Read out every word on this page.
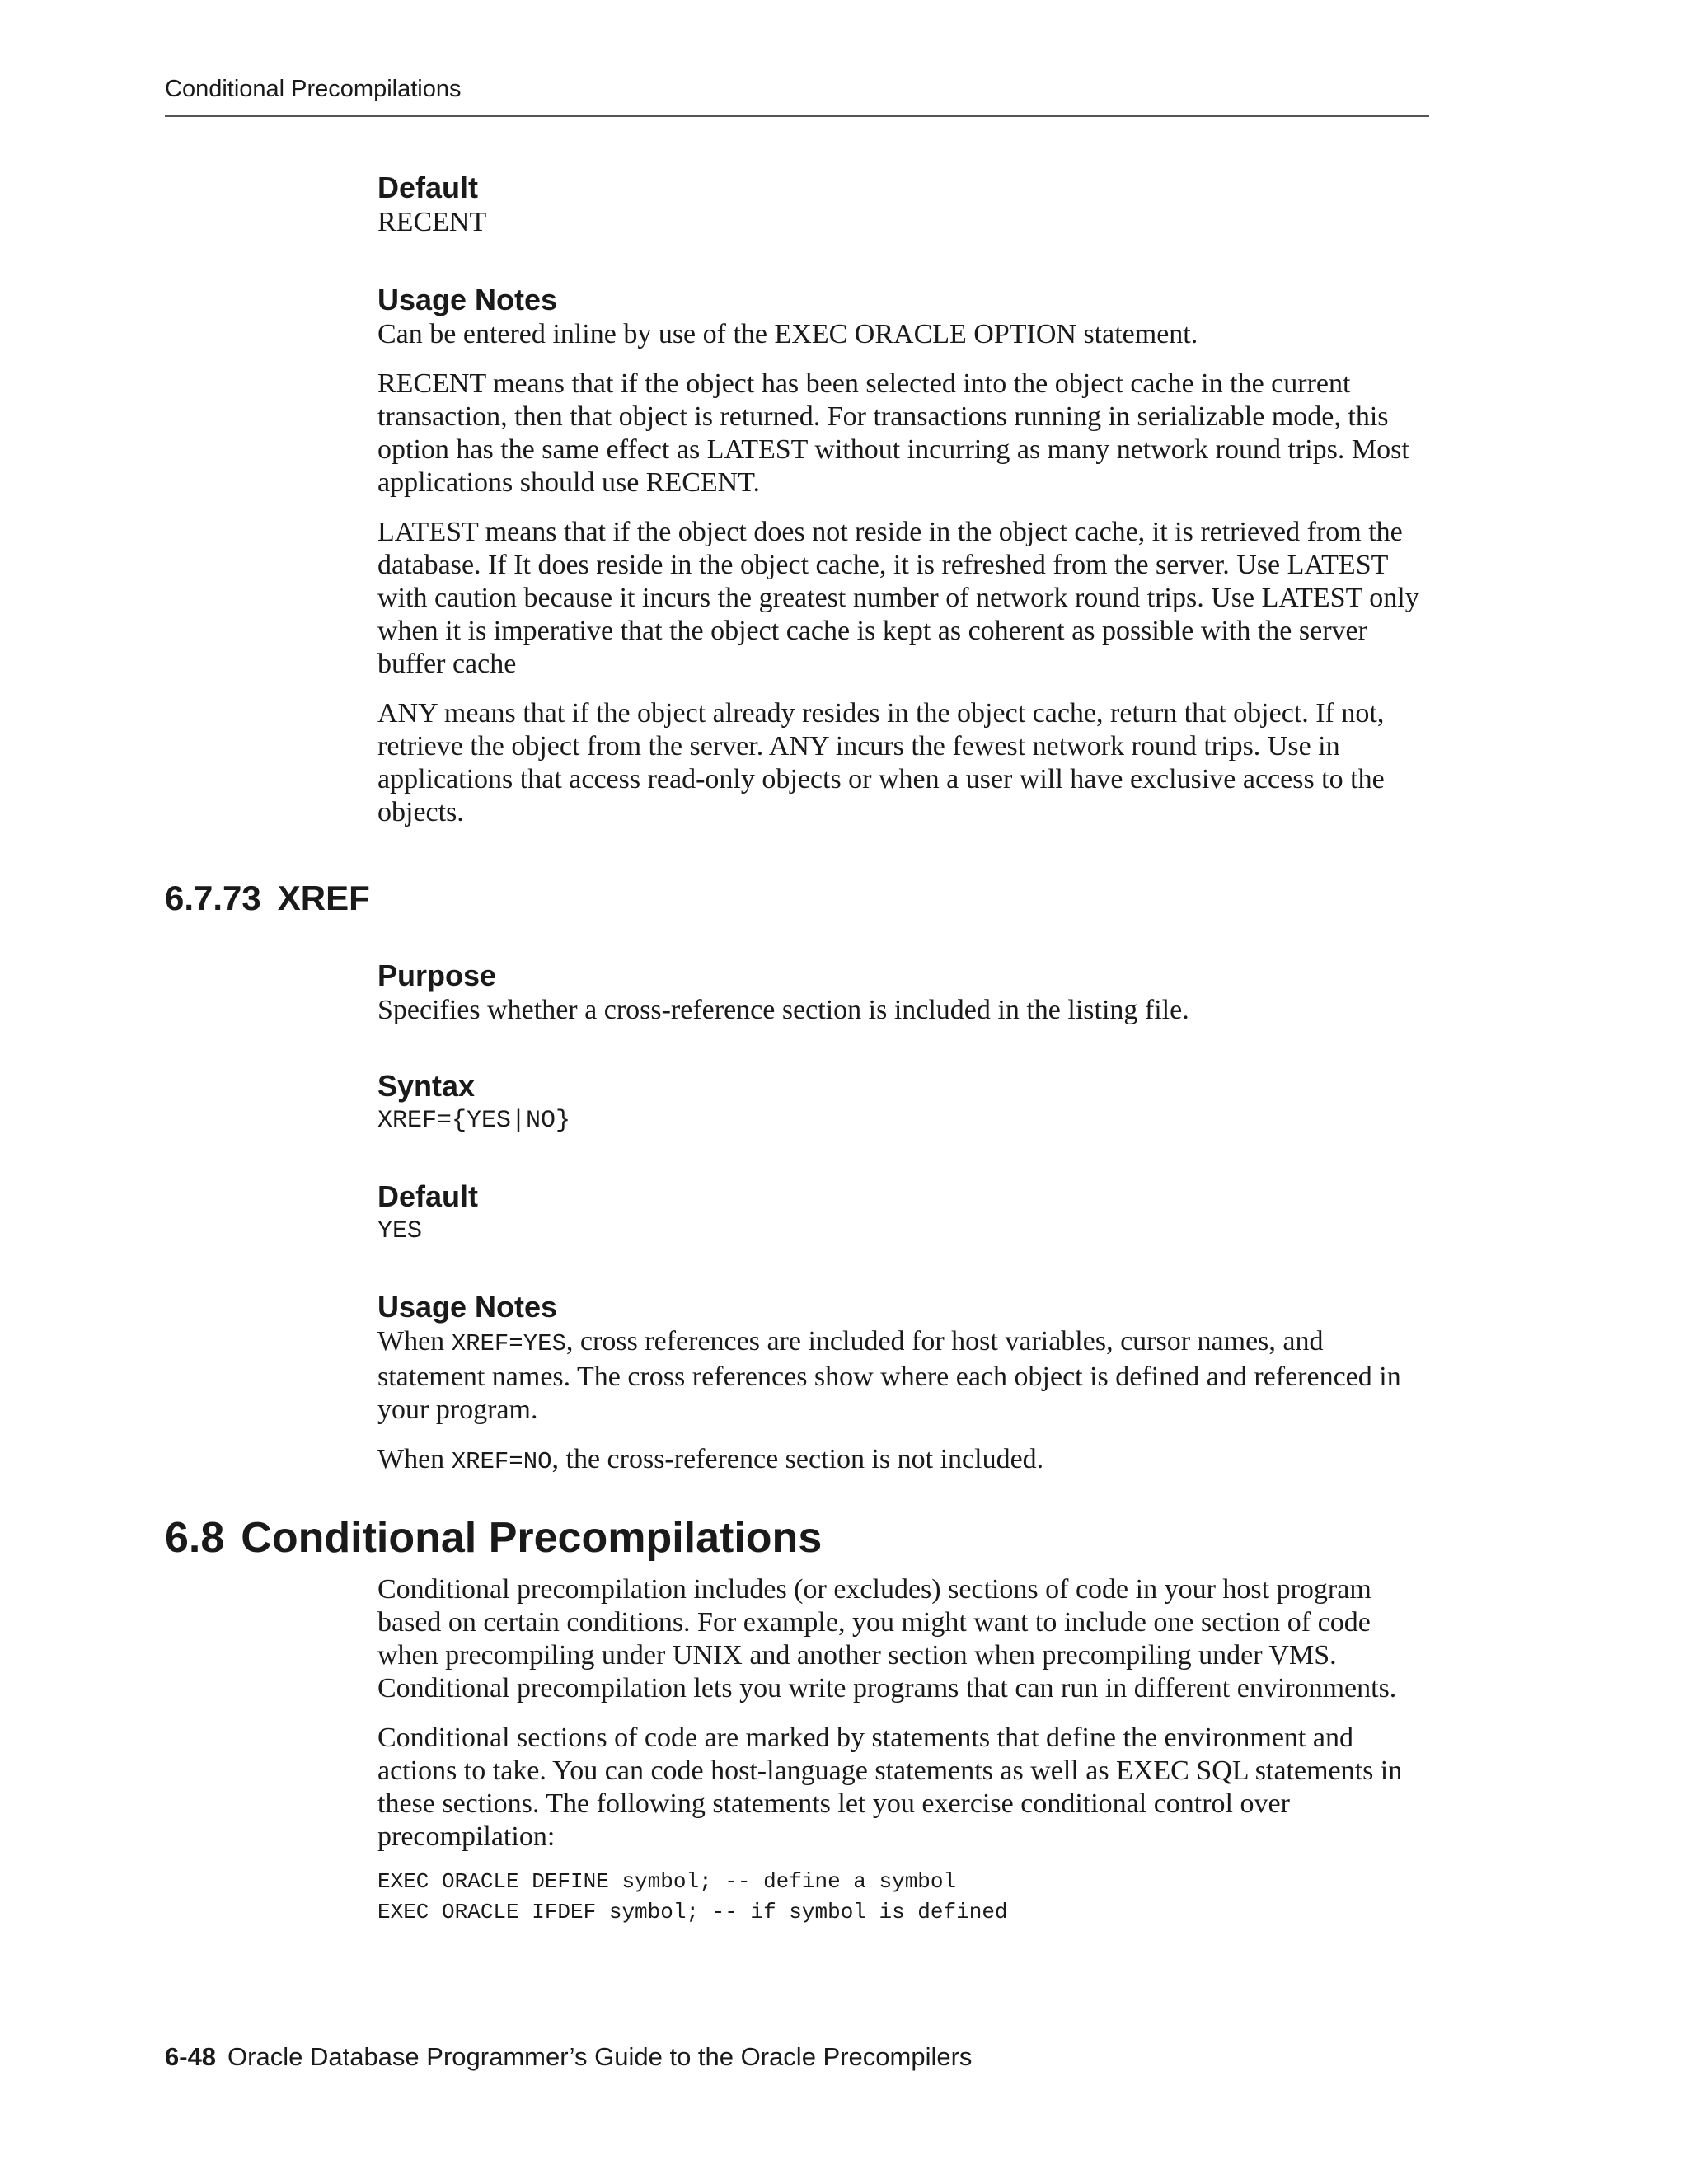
Conditional Precompilations
Default

RECENT

Usage Notes

Can be entered inline by use of the EXEC ORACLE OPTION statement.

RECENT means that if the object has been selected into the object cache in the current transaction, then that object is returned. For transactions running in serializable mode, this option has the same effect as LATEST without incurring as many network round trips. Most applications should use RECENT.

LATEST means that if the object does not reside in the object cache, it is retrieved from the database. If It does reside in the object cache, it is refreshed from the server. Use LATEST with caution because it incurs the greatest number of network round trips. Use LATEST only when it is imperative that the object cache is kept as coherent as possible with the server buffer cache

ANY means that if the object already resides in the object cache, return that object. If not, retrieve the object from the server. ANY incurs the fewest network round trips. Use in applications that access read-only objects or when a user will have exclusive access to the objects.

6.7.73 XREF
Purpose

Specifies whether a cross-reference section is included in the listing file.

Syntax

XREF={YES|NO}

Default

YES

Usage Notes

When XREF=YES, cross references are included for host variables, cursor names, and statement names. The cross references show where each object is defined and referenced in your program.

When XREF=NO, the cross-reference section is not included.

6.8 Conditional Precompilations

Conditional precompilation includes (or excludes) sections of code in your host program based on certain conditions. For example, you might want to include one section of code when precompiling under UNIX and another section when precompiling under VMS. Conditional precompilation lets you write programs that can run in different environments.

Conditional sections of code are marked by statements that define the environment and actions to take. You can code host-language statements as well as EXEC SQL statements in these sections. The following statements let you exercise conditional control over precompilation:

EXEC ORACLE DEFINE symbol; -- define a symbol
EXEC ORACLE IFDEF symbol; -- if symbol is defined
6-48 Oracle Database Programmer’s Guide to the Oracle Precompilers
